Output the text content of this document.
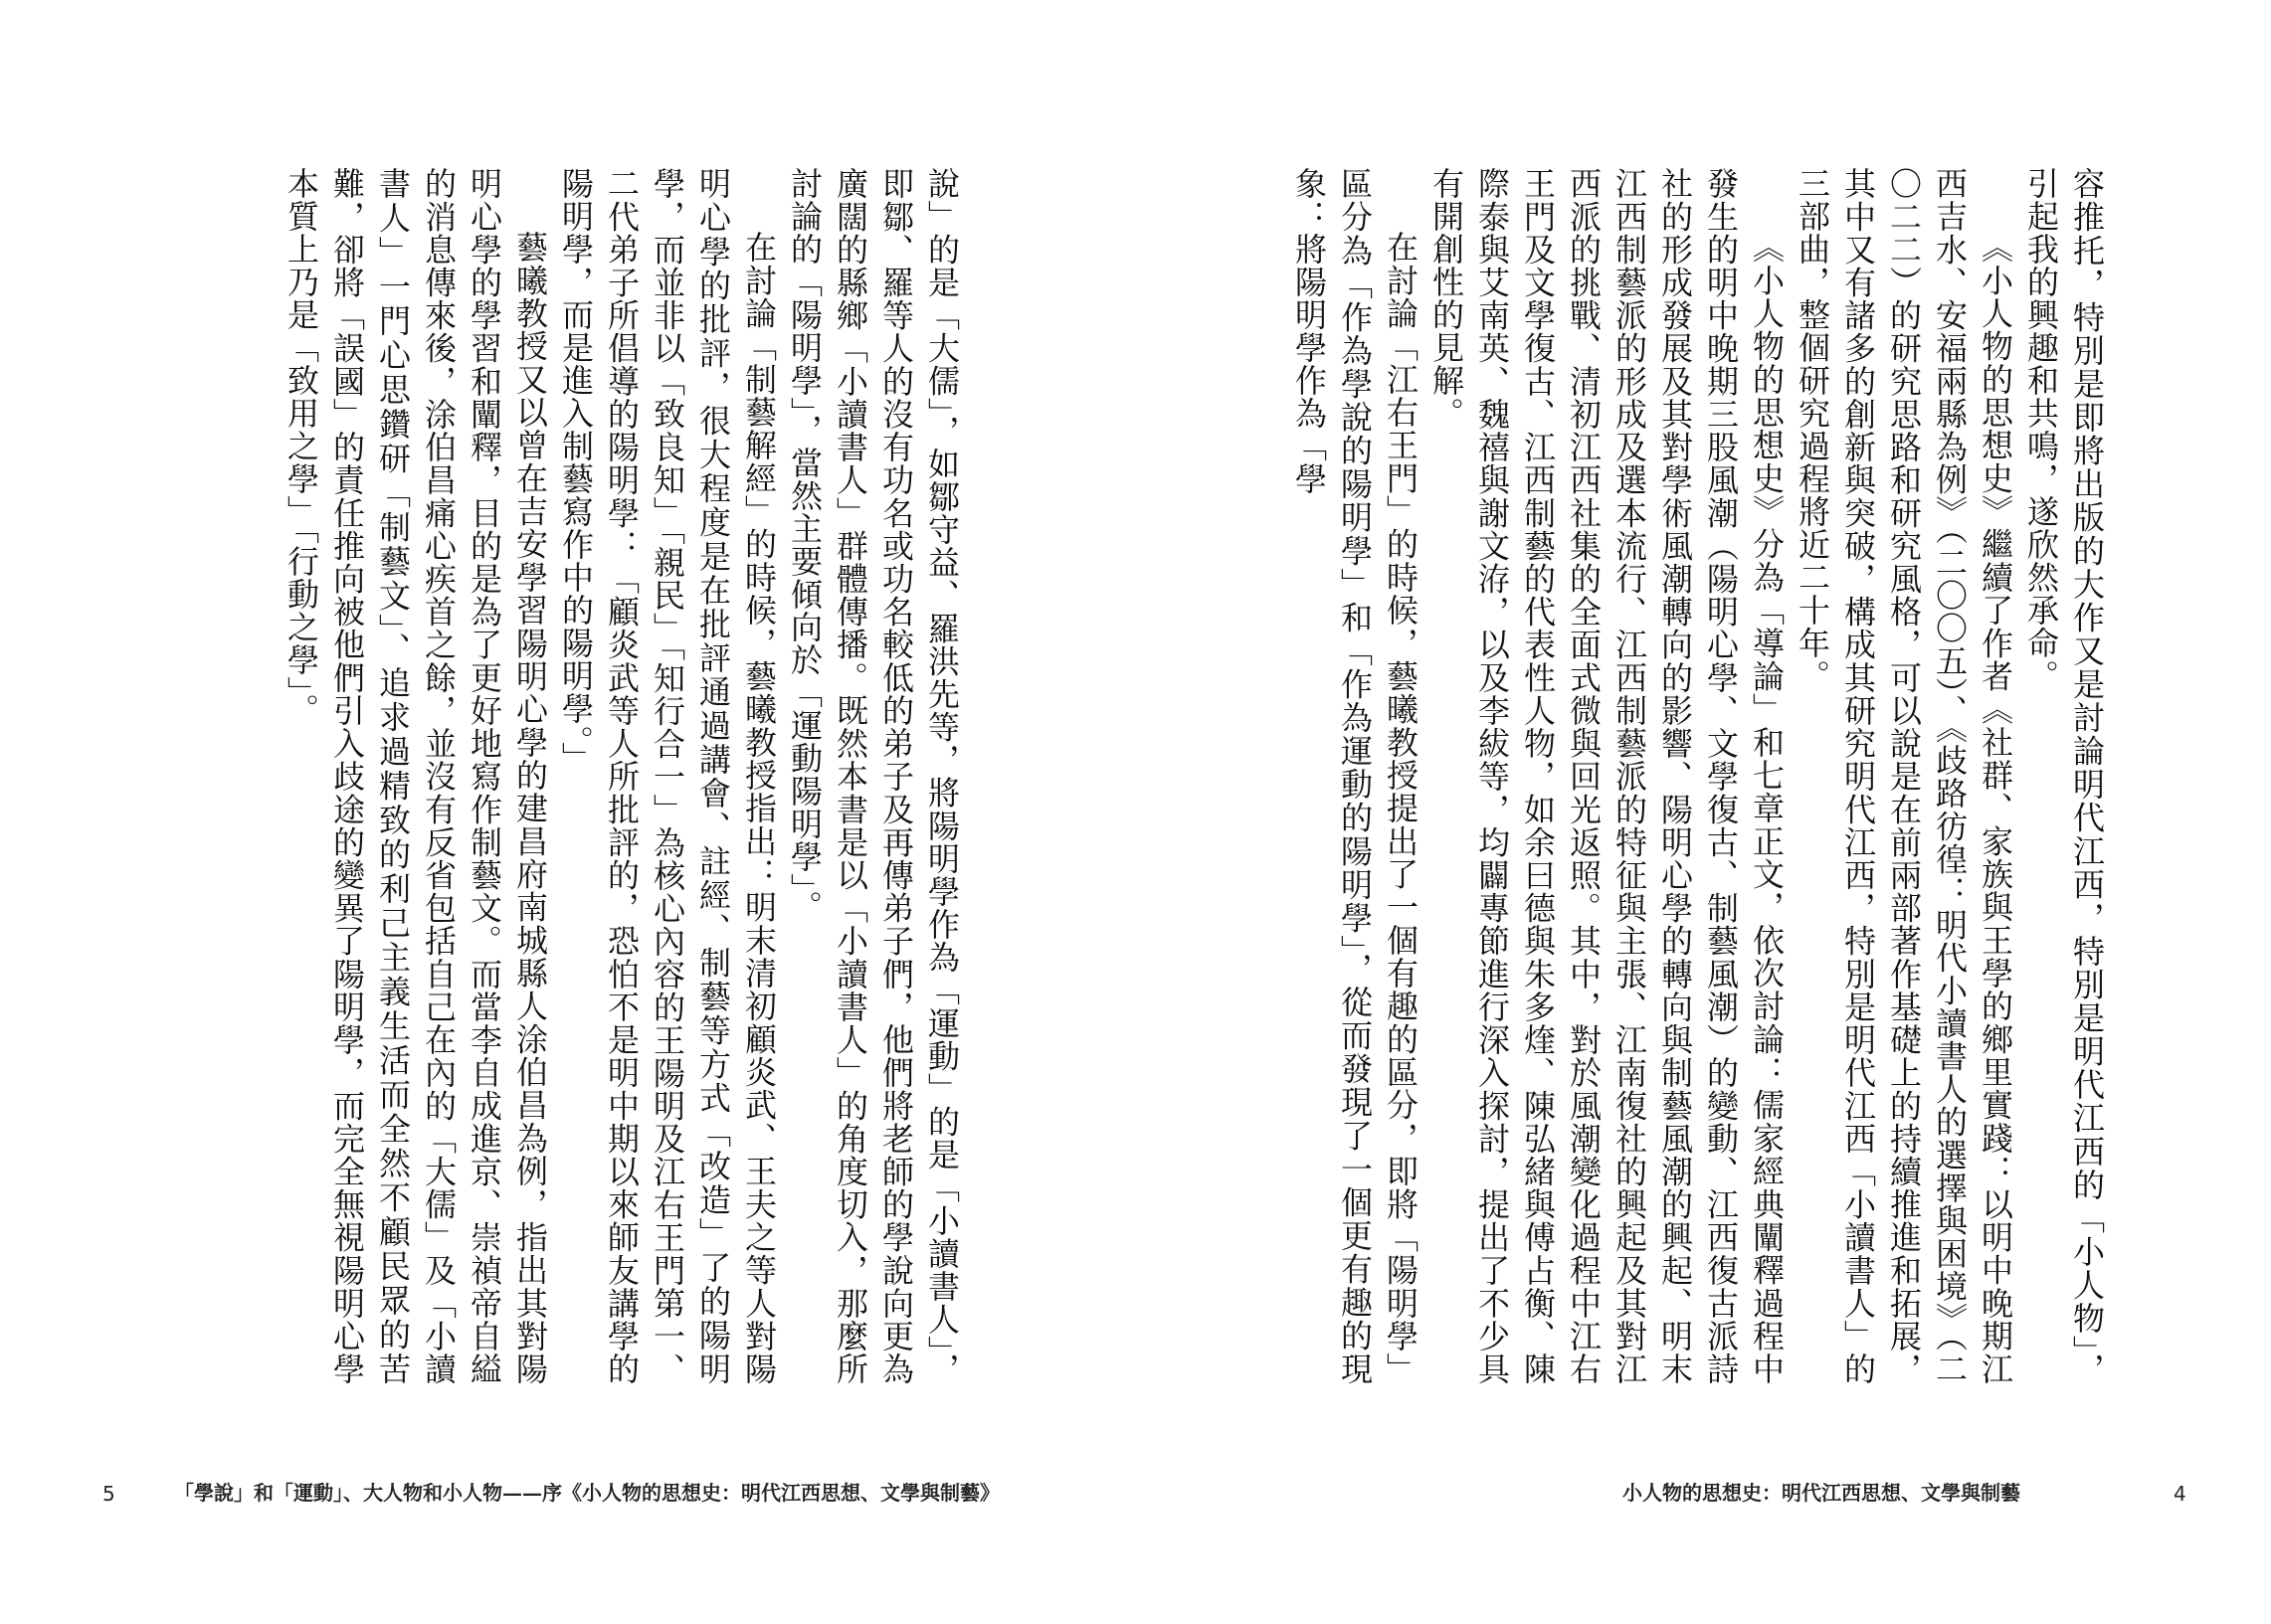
說」的是「大儒」，如鄒守益、羅洪先等，將陽明學作為「運動」的是「小讀書人」，即鄒、羅等人的沒有功名或功名較低的弟子及再傳弟子們，他們將老師的學說向更為廣闊的縣鄉「小讀書人」群體傳播。既然本書是以「小讀書人」的角度切入，那麼所討論的「陽明學」，當然主要傾向於「運動陽明學」。

在討論「制藝解經」的時候，藝曦教授指出：明末清初顧炎武、王夫之等人對陽明心學的批評，很大程度是在批評通過講會、註經、制藝等方式「改造」了的陽明學，而並非以「致良知」「親民」「知行合一」為核心內容的王陽明及江右王門第一、二代弟子所倡導的陽明學：「顧炎武等人所批評的，恐怕不是明中期以來師友講學的陽明學，而是進入制藝寫作中的陽明學。」

藝曦教授又以曾在吉安學習陽明心學的建昌府南城縣人涂伯昌為例，指出其對陽明心學的學習和闡釋，目的是為了更好地寫作制藝文。而當李自成進京、崇禎帝自縊的消息傳來後，涂伯昌痛心疾首之餘，並沒有反省包括自己在內的「大儒」及「小讀書人」一門心思鑽研「制藝文」、追求過精致的利己主義生活而全然不顧民眾的苦難，卻將「誤國」的責任推向被他們引入歧途的變異了陽明學，而完全無視陽明心學本質上乃是「致用之學」「行動之學」。

5	「學說」和「運動」、大人物和小人物——序《小人物的思想史：明代江西思想、文學與制藝》

容推托，特別是即將出版的大作又是討論明代江西，特別是明代江西的「小人物」，引起我的興趣和共鳴，遂欣然承命。

《小人物的思想史》繼續了作者《社群、家族與王學的鄉里實踐：以明中晚期江西吉水、安福兩縣為例》（二〇〇五）、《歧路彷徨：明代小讀書人的選擇與困境》（二〇二二）的研究思路和研究風格，可以說是在前兩部著作基礎上的持續推進和拓展，其中又有諸多的創新與突破，構成其研究明代江西，特別是明代江西「小讀書人」的三部曲，整個研究過程將近二十年。

《小人物的思想史》分為「導論」和七章正文，依次討論：儒家經典闡釋過程中發生的明中晚期三股風潮（陽明心學、文學復古、制藝風潮）的變動、江西復古派詩社的形成發展及其對學術風潮轉向的影響、陽明心學的轉向與制藝風潮的興起、明末江西制藝派的形成及選本流行、江西制藝派的特征與主張、江南復社的興起及其對江西派的挑戰、清初江西社集的全面式微與回光返照。其中，對於風潮變化過程中江右王門及文學復古、江西制藝的代表性人物，如余曰德與朱多煃、陳弘緒與傅占衡、陳際泰與艾南英、魏禧與謝文洊，以及李紱等，均闢專節進行深入探討，提出了不少具有開創性的見解。

在討論「江右王門」的時候，藝曦教授提出了一個有趣的區分，即將「陽明學」區分為「作為學說的陽明學」和「作為運動的陽明學」，從而發現了一個更有趣的現象：將陽明學作為「學

小人物的思想史：明代江西思想、文學與制藝	4
